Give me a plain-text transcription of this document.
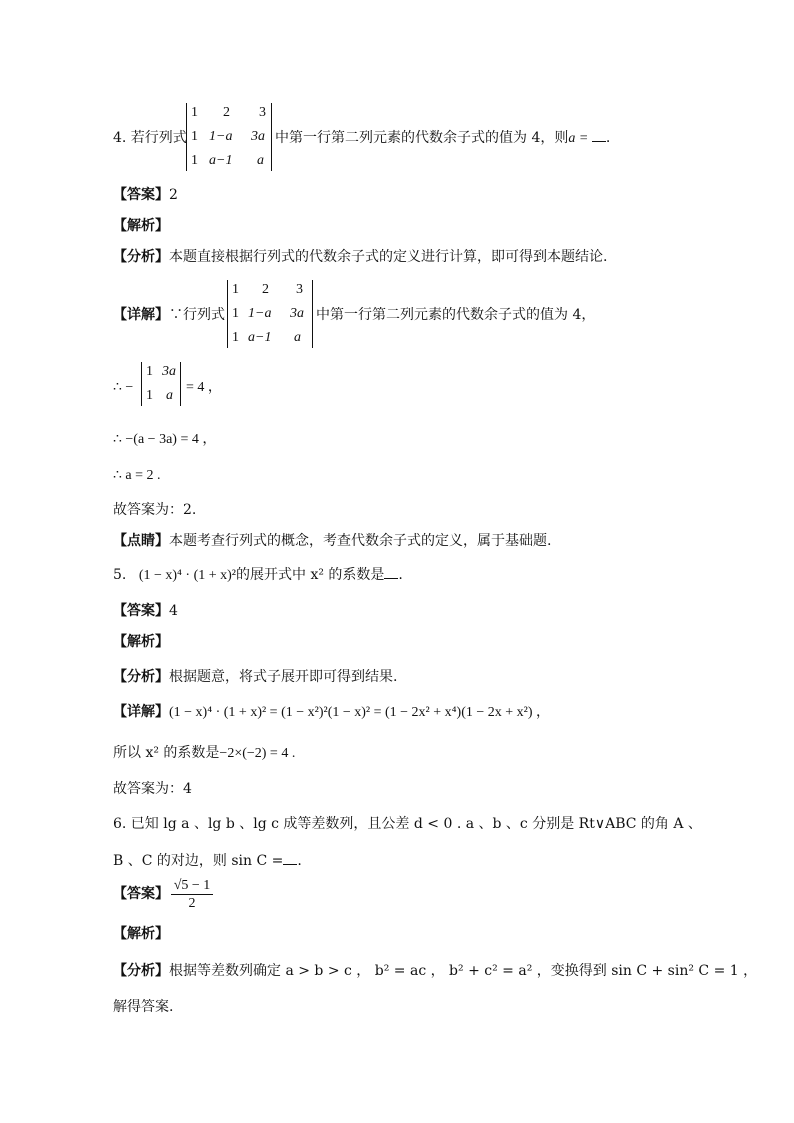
4. 若行列式
1 2 3
1 1−a 3a
1 a−1 a
中第一行第二列元素的代数余子式的值为 4，则a = .
【答案】2
【解析】
【分析】本题直接根据行列式的代数余子式的定义进行计算，即可得到本题结论.
【详解】∵行列式
1 2 3
1 1−a 3a
1 a−1 a
中第一行第二列元素的代数余子式的值为 4，
∴ −
1 3a
1 a
= 4 ，
∴ −(a − 3a) = 4 ，
∴ a = 2 .
故答案为：2.
【点睛】本题考查行列式的概念，考查代数余子式的定义，属于基础题.
5. (1 − x)⁴ · (1 + x)²的展开式中 x² 的系数是 .
【答案】4
【解析】
【分析】根据题意，将式子展开即可得到结果.
【详解】(1 − x)⁴ · (1 + x)² = (1 − x²)²(1 − x)² = (1 − 2x² + x⁴)(1 − 2x + x²) ，
所以 x² 的系数是−2×(−2) = 4 .
故答案为：4
6. 已知 lg a 、lg b 、lg c 成等差数列，且公差 d < 0 . a 、b 、c 分别是 Rt∨ABC 的角 A 、
B 、C 的对边，则 sin C = .
【答案】 $\frac{√5 - 1}{2}$
【解析】
【分析】根据等差数列确定 a > b > c ， b² = ac ， b² + c² = a² ，变换得到 sin C + sin² C = 1 ，
解得答案.
